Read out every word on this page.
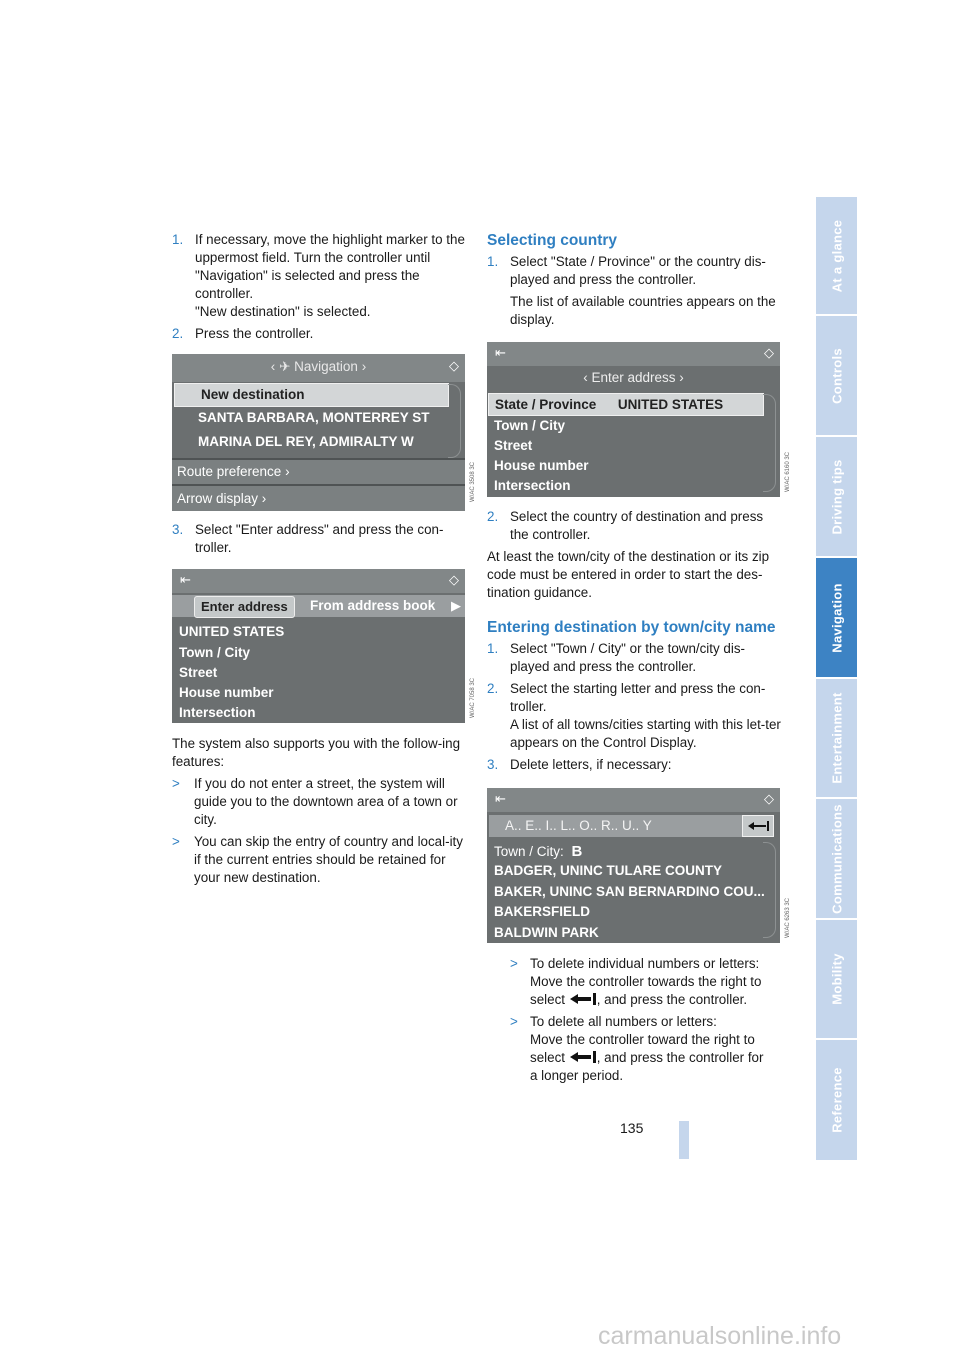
1. If necessary, move the highlight marker to the uppermost field. Turn the controller until "Navigation" is selected and press the controller.
"New destination" is selected.
2. Press the controller.
‹ ✈ Navigation ›	◇
New destination
SANTA BARBARA, MONTERREY ST
MARINA DEL REY, ADMIRALTY W
Route preference ›
Arrow display ›	W/AC 3508 3C
3. Select "Enter address" and press the con-troller.
⇤	◇
Enter address	From address book ▶
UNITED STATES
Town / City
Street
House number
Intersection	W/AC 7058 3C
The system also supports you with the follow-ing features:
> If you do not enter a street, the system will guide you to the downtown area of a town or city.
> You can skip the entry of country and local-ity if the current entries should be retained for your new destination.
Selecting country
1. Select "State / Province" or the country dis-played and press the controller.
The list of available countries appears on the display.
⇤	◇
‹ Enter address ›
State / Province UNITED STATES
Town / City
Street
House number
Intersection	W/AC 6160 3C
2. Select the country of destination and press the controller.
At least the town/city of the destination or its zip code must be entered in order to start the des-tination guidance.
Entering destination by town/city name
1. Select "Town / City" or the town/city dis-played and press the controller.
2. Select the starting letter and press the con-troller.
A list of all towns/cities starting with this let-ter appears on the Control Display.
3. Delete letters, if necessary:
⇤	◇
A.. E.. I.. L.. O.. R.. U.. Y
Town / City: B
BADGER, UNINC TULARE COUNTY
BAKER, UNINC SAN BERNARDINO COU...
BAKERSFIELD
BALDWIN PARK	W/AC 6263 3C
> To delete individual numbers or letters:
Move the controller towards the right to
select , and press the controller.
> To delete all numbers or letters:
Move the controller toward the right to
select , and press the controller for
a longer period.
135
At a glance
Controls
Driving tips
Navigation
Entertainment
Communications
Mobility
Reference
carmanualsonline.info
